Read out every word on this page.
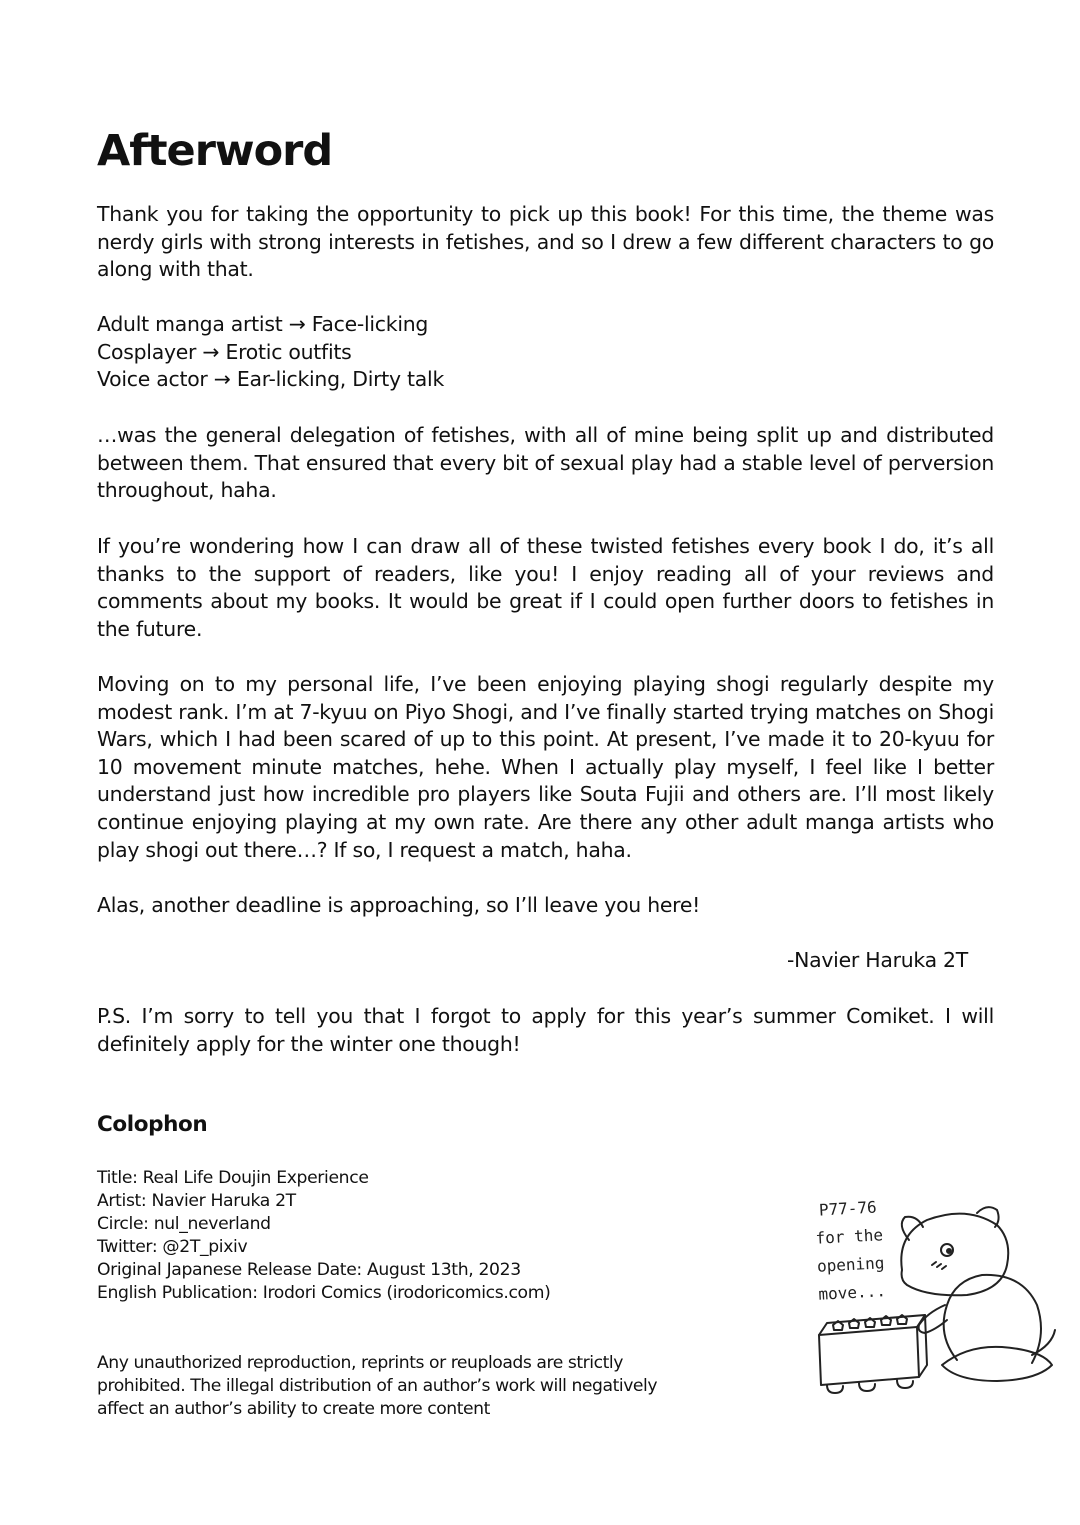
Afterword

Thank you for taking the opportunity to pick up this book! For this time, the theme was nerdy girls with strong interests in fetishes, and so I drew a few different characters to go along with that.

Adult manga artist → Face-licking
Cosplayer → Erotic outfits
Voice actor → Ear-licking, Dirty talk

…was the general delegation of fetishes, with all of mine being split up and distributed between them. That ensured that every bit of sexual play had a stable level of perversion throughout, haha.

If you’re wondering how I can draw all of these twisted fetishes every book I do, it’s all thanks to the support of readers, like you! I enjoy reading all of your reviews and comments about my books. It would be great if I could open further doors to fetishes in the future.

Moving on to my personal life, I’ve been enjoying playing shogi regularly despite my modest rank. I’m at 7-kyuu on Piyo Shogi, and I’ve finally started trying matches on Shogi Wars, which I had been scared of up to this point. At present, I’ve made it to 20-kyuu for 10 movement minute matches, hehe. When I actually play myself, I feel like I better understand just how incredible pro players like Souta Fujii and others are. I’ll most likely continue enjoying playing at my own rate. Are there any other adult manga artists who play shogi out there…? If so, I request a match, haha.

Alas, another deadline is approaching, so I’ll leave you here!

-Navier Haruka 2T

P.S. I’m sorry to tell you that I forgot to apply for this year’s summer Comiket. I will definitely apply for the winter one though!

Colophon
Title: Real Life Doujin Experience
Artist: Navier Haruka 2T
Circle: nul_neverland
Twitter: @2T_pixiv
Original Japanese Release Date: August 13th, 2023
English Publication: Irodori Comics (irodoricomics.com)

Any unauthorized reproduction, reprints or reuploads are strictly prohibited. The illegal distribution of an author’s work will negatively affect an author’s ability to create more content

P77-76
for the
opening
move...
